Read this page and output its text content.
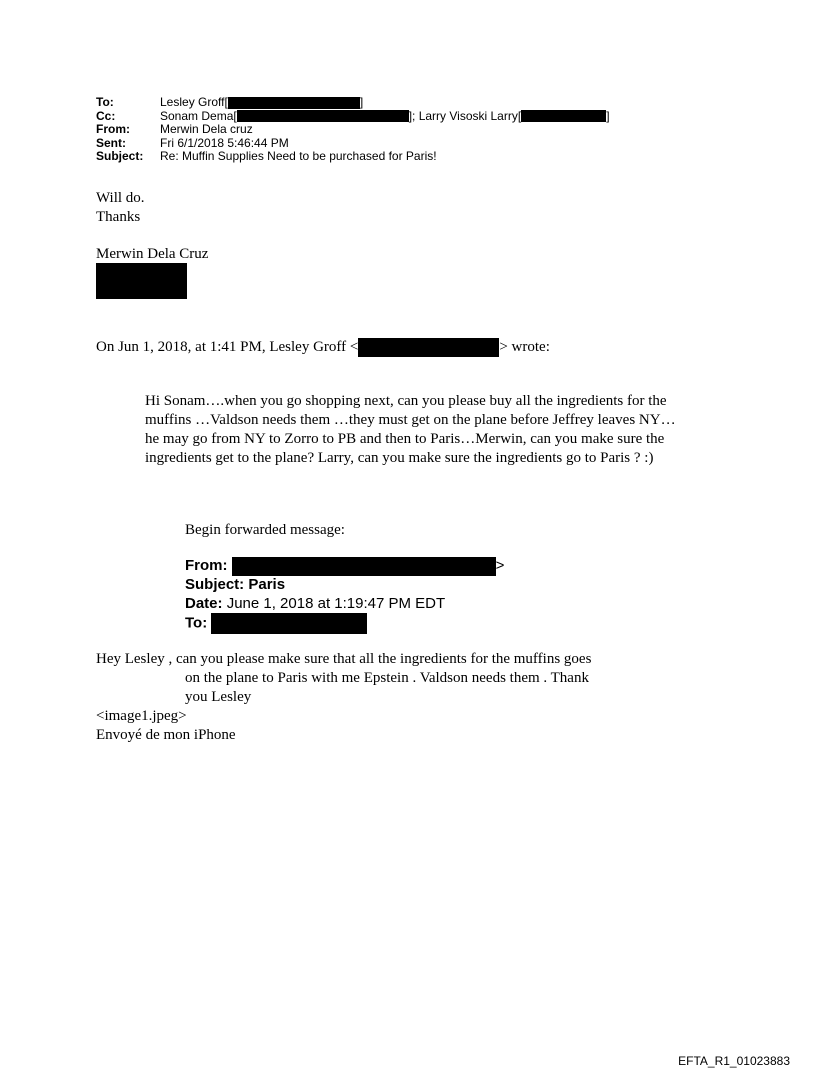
To:	Lesley Groff[	]
Cc:	Sonam Dema[	]; Larry Visoski Larry[	]
From:	Merwin Dela cruz
Sent:	Fri 6/1/2018 5:46:44 PM
Subject: Re: Muffin Supplies Need to be purchased for Paris!
Will do.
Thanks
Merwin Dela Cruz
On Jun 1, 2018, at 1:41 PM, Lesley Groff <	> wrote:
Hi Sonam….when you go shopping next, can you please buy all the ingredients for the muffins …Valdson needs them …they must get on the plane before Jeffrey leaves NY…he may go from NY to Zorro to PB and then to Paris…Merwin, can you make sure the ingredients get to the plane? Larry, can you make sure the ingredients go to Paris ? :)
Begin forwarded message:
From:	>
Subject: Paris
Date: June 1, 2018 at 1:19:47 PM EDT
To:
Hey Lesley , can you please make sure that all the ingredients for the muffins goes
on the plane to Paris with me Epstein . Valdson needs them . Thank
you Lesley
<image1.jpeg>
Envoyé de mon iPhone
EFTA_R1_01023883
